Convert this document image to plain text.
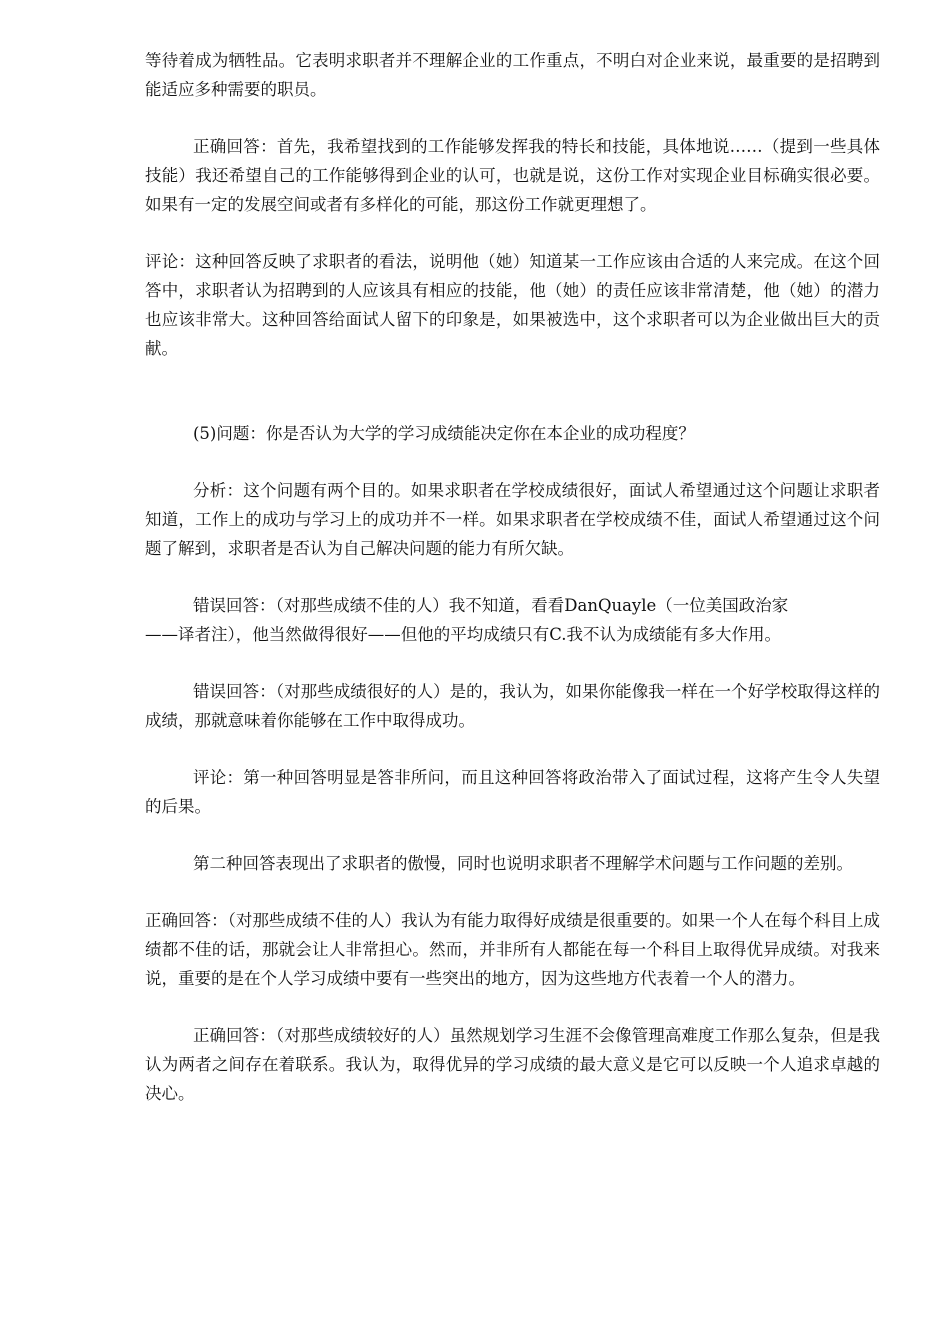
等待着成为牺牲品。它表明求职者并不理解企业的工作重点，不明白对企业来说，最重要的是招聘到能适应多种需要的职员。

正确回答：首先，我希望找到的工作能够发挥我的特长和技能，具体地说……（提到一些具体技能）我还希望自己的工作能够得到企业的认可，也就是说，这份工作对实现企业目标确实很必要。如果有一定的发展空间或者有多样化的可能，那这份工作就更理想了。

评论：这种回答反映了求职者的看法，说明他（她）知道某一工作应该由合适的人来完成。在这个回答中，求职者认为招聘到的人应该具有相应的技能，他（她）的责任应该非常清楚，他（她）的潜力也应该非常大。这种回答给面试人留下的印象是，如果被选中，这个求职者可以为企业做出巨大的贡献。

(5)问题：你是否认为大学的学习成绩能决定你在本企业的成功程度？

分析：这个问题有两个目的。如果求职者在学校成绩很好，面试人希望通过这个问题让求职者知道，工作上的成功与学习上的成功并不一样。如果求职者在学校成绩不佳，面试人希望通过这个问题了解到，求职者是否认为自己解决问题的能力有所欠缺。

错误回答：（对那些成绩不佳的人）我不知道，看看DanQuayle（一位美国政治家

——译者注），他当然做得很好——但他的平均成绩只有C.我不认为成绩能有多大作用。

错误回答：（对那些成绩很好的人）是的，我认为，如果你能像我一样在一个好学校取得这样的成绩，那就意味着你能够在工作中取得成功。

评论：第一种回答明显是答非所问，而且这种回答将政治带入了面试过程，这将产生令人失望的后果。

第二种回答表现出了求职者的傲慢，同时也说明求职者不理解学术问题与工作问题的差别。

正确回答：（对那些成绩不佳的人）我认为有能力取得好成绩是很重要的。如果一个人在每个科目上成绩都不佳的话，那就会让人非常担心。然而，并非所有人都能在每一个科目上取得优异成绩。对我来说，重要的是在个人学习成绩中要有一些突出的地方，因为这些地方代表着一个人的潜力。

正确回答：（对那些成绩较好的人）虽然规划学习生涯不会像管理高难度工作那么复杂，但是我认为两者之间存在着联系。我认为，取得优异的学习成绩的最大意义是它可以反映一个人追求卓越的决心。
